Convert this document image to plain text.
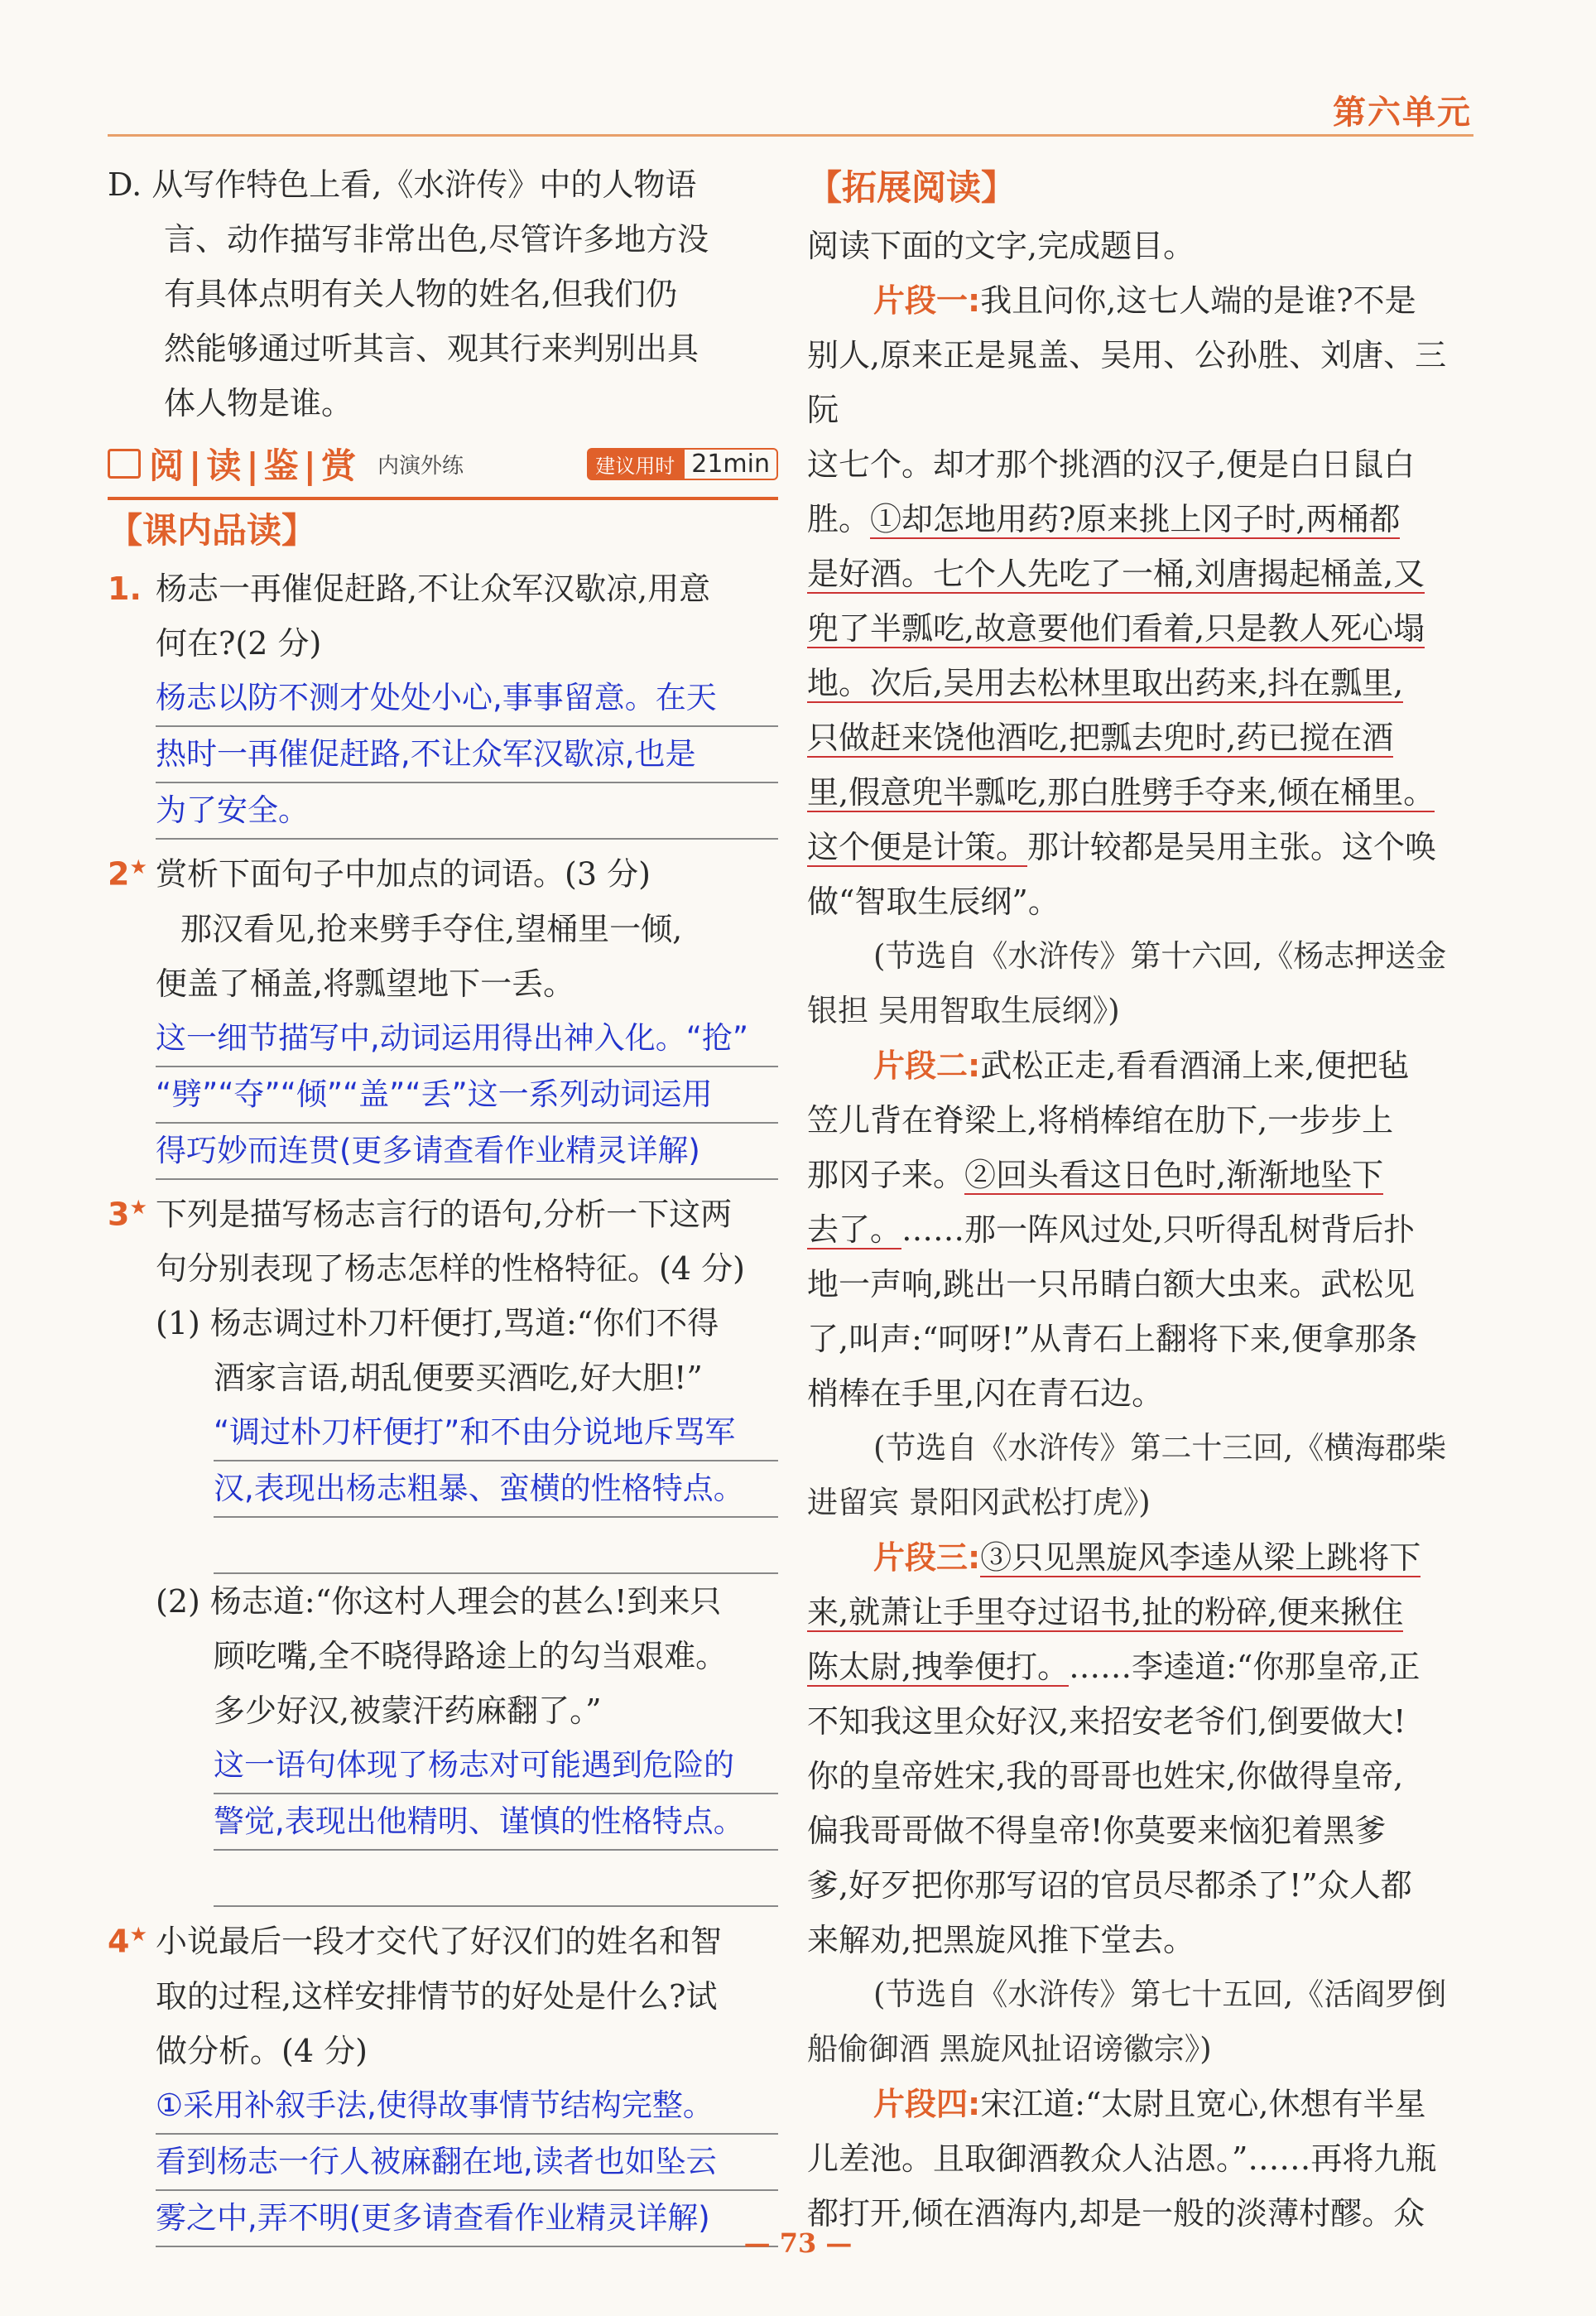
第六单元

D. 从写作特色上看,《水浒传》中的人物语

言、动作描写非常出色,尽管许多地方没

有具体点明有关人物的姓名,但我们仍

然能够通过听其言、观其行来判别出具

体人物是谁。

阅|读|鉴|赏 内演外练	建议用时 21min

【课内品读】

1. 杨志一再催促赶路,不让众军汉歇凉,用意

何在?(2 分)

杨志以防不测才处处小心,事事留意。在天
热时一再催促赶路,不让众军汉歇凉,也是
为了安全。

2★ 赏析下面句子中加点的词语。(3 分)

那汉看见,抢来劈手夺住,望桶里一倾,

便盖了桶盖,将瓢望地下一丢。

这一细节描写中,动词运用得出神入化。“抢”
“劈”“夺”“倾”“盖”“丢”这一系列动词运用
得巧妙而连贯(更多请查看作业精灵详解)

3★ 下列是描写杨志言行的语句,分析一下这两

句分别表现了杨志怎样的性格特征。(4 分)

(1) 杨志调过朴刀杆便打,骂道:“你们不得

酒家言语,胡乱便要买酒吃,好大胆!”

“调过朴刀杆便打”和不由分说地斥骂军
汉,表现出杨志粗暴、蛮横的性格特点。

(2) 杨志道:“你这村人理会的甚么!到来只

顾吃嘴,全不晓得路途上的勾当艰难。

多少好汉,被蒙汗药麻翻了。”

这一语句体现了杨志对可能遇到危险的
警觉,表现出他精明、谨慎的性格特点。

4★ 小说最后一段才交代了好汉们的姓名和智

取的过程,这样安排情节的好处是什么?试

做分析。(4 分)

①采用补叙手法,使得故事情节结构完整。
看到杨志一行人被麻翻在地,读者也如坠云
雾之中,弄不明(更多请查看作业精灵详解)

【拓展阅读】

阅读下面的文字,完成题目。

片段一:我且问你,这七人端的是谁?不是

别人,原来正是晁盖、吴用、公孙胜、刘唐、三阮

这七个。却才那个挑酒的汉子,便是白日鼠白

胜。①却怎地用药?原来挑上冈子时,两桶都

是好酒。七个人先吃了一桶,刘唐揭起桶盖,又

兜了半瓢吃,故意要他们看着,只是教人死心塌

地。次后,吴用去松林里取出药来,抖在瓢里,

只做赶来饶他酒吃,把瓢去兜时,药已搅在酒

里,假意兜半瓢吃,那白胜劈手夺来,倾在桶里。

这个便是计策。那计较都是吴用主张。这个唤

做“智取生辰纲”。

(节选自《水浒传》第十六回,《杨志押送金

银担 吴用智取生辰纲》)

片段二:武松正走,看看酒涌上来,便把毡

笠儿背在脊梁上,将梢棒绾在肋下,一步步上

那冈子来。②回头看这日色时,渐渐地坠下

去了。……那一阵风过处,只听得乱树背后扑

地一声响,跳出一只吊睛白额大虫来。武松见

了,叫声:“呵呀!”从青石上翻将下来,便拿那条

梢棒在手里,闪在青石边。

(节选自《水浒传》第二十三回,《横海郡柴

进留宾 景阳冈武松打虎》)

片段三:③只见黑旋风李逵从梁上跳将下

来,就萧让手里夺过诏书,扯的粉碎,便来揪住

陈太尉,拽拳便打。……李逵道:“你那皇帝,正

不知我这里众好汉,来招安老爷们,倒要做大!

你的皇帝姓宋,我的哥哥也姓宋,你做得皇帝,

偏我哥哥做不得皇帝!你莫要来恼犯着黑爹

爹,好歹把你那写诏的官员尽都杀了!”众人都

来解劝,把黑旋风推下堂去。

(节选自《水浒传》第七十五回,《活阎罗倒

船偷御酒 黑旋风扯诏谤徽宗》)

片段四:宋江道:“太尉且宽心,休想有半星

儿差池。且取御酒教众人沾恩。”……再将九瓶

都打开,倾在酒海内,却是一般的淡薄村醪。众

— 73 —
